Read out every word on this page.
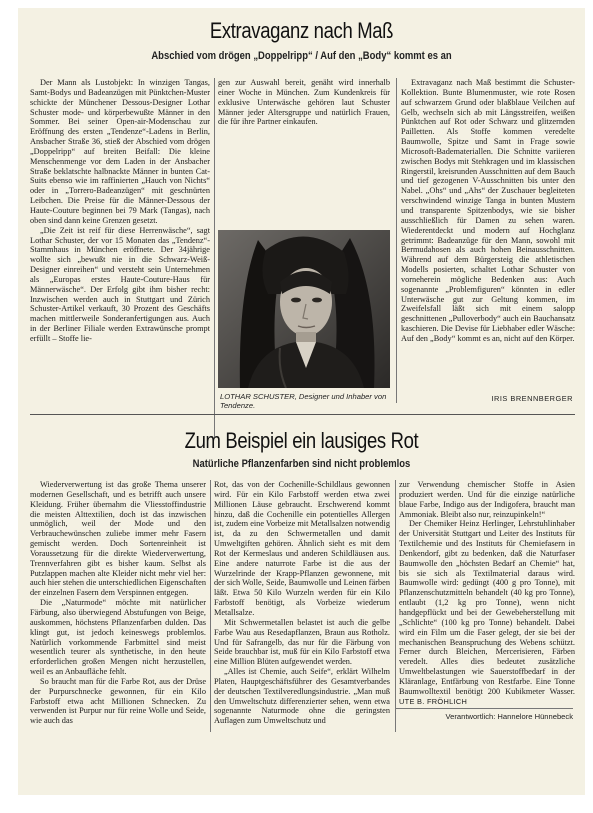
Extravaganz nach Maß
Abschied vom drögen „Doppelripp“ / Auf den „Body“ kommt es an

Der Mann als Lustobjekt: In winzigen Tangas, Samt-Bodys und Badeanzügen mit Pünktchen-Muster schickte der Münchener Dessous-Designer Lothar Schuster mode- und körperbewußte Männer in den Sommer. Bei seiner Open-air-Modenschau zur Eröffnung des ersten „Tendenze“-Ladens in Berlin, Ansbacher Straße 36, stieß der Abschied vom drögen „Doppelripp“ auf breiten Beifall: Die kleine Menschenmenge vor dem Laden in der Ansbacher Straße beklatschte halbnackte Männer in bunten Cat-Suits ebenso wie im raffinierten „Hauch von Nichts“ oder in „Torrero-Badeanzügen“ mit geschnürten Leibchen. Die Preise für die Männer-Dessous der Haute-Couture beginnen bei 79 Mark (Tangas), nach oben sind dann keine Grenzen gesetzt.

„Die Zeit ist reif für diese Herrenwäsche“, sagt Lothar Schuster, der vor 15 Monaten das „Tendenz“-Stammhaus in München eröffnete. Der 34jährige wollte sich „bewußt nie in die Schwarz-Weiß-Designer einreihen“ und versteht sein Unternehmen als „Europas erstes Haute-Couture-Haus für Männerwäsche“. Der Erfolg gibt ihm bisher recht: Inzwischen werden auch in Stuttgart und Zürich Schuster-Artikel verkauft, 30 Prozent des Geschäfts machen mittlerweile Sonderanfertigungen aus. Auch in der Berliner Filiale werden Extrawünsche prompt erfüllt – Stoffe lie-

gen zur Auswahl bereit, genäht wird innerhalb einer Woche in München. Zum Kundenkreis für exklusive Unterwäsche gehören laut Schuster Männer jeder Altersgruppe und natürlich Frauen, die für ihre Partner einkaufen.

LOTHAR SCHUSTER, Designer und Inhaber von Tendenze.

Extravaganz nach Maß bestimmt die Schuster-Kollektion. Bunte Blumenmuster, wie rote Rosen auf schwarzem Grund oder blaßblaue Veilchen auf Gelb, wechseln sich ab mit Längsstreifen, weißen Pünktchen auf Rot oder Schwarz und glitzernden Pailletten. Als Stoffe kommen veredelte Baumwolle, Spitze und Samt in Frage sowie Microsoft-Bademateriallen. Die Schnitte variieren zwischen Bodys mit Stehkragen und im klassischen Ringerstil, kreisrunden Ausschnitten auf dem Bauch und tief gezogenen V-Ausschnitten bis unter den Nabel. „Ohs“ und „Ahs“ der Zuschauer begleiteten verschwindend winzige Tanga in bunten Mustern und transparente Spitzenbodys, wie sie bisher ausschließlich für Damen zu sehen waren. Wiederentdeckt und modern auf Hochglanz getrimmt: Badeanzüge für den Mann, sowohl mit Bermudahosen als auch hohen Beinausschnitten. Während auf dem Bürgersteig die athletischen Modells posierten, schaltet Lothar Schuster von vorneherein mögliche Bedenken aus: Auch sogenannte „Problemfiguren“ könnten in edler Unterwäsche gut zur Geltung kommen, im Zweifelsfall läßt sich mit einem salopp geschnittenen „Pulloverbody“ auch ein Bauchansatz kaschieren. Die Devise für Liebhaber edler Wäsche: Auf den „Body“ kommt es an, nicht auf den Körper.

IRIS BRENNBERGER
Zum Beispiel ein lausiges Rot
Natürliche Pflanzenfarben sind nicht problemlos

Wiederverwertung ist das große Thema unserer modernen Gesellschaft, und es betrifft auch unsere Kleidung. Früher übernahm die Vliesstoffindustrie die meisten Alttextilien, doch ist das inzwischen unmöglich, weil der Mode und den Verbrauchewünschen zuliebe immer mehr Fasern gemischt werden. Doch Sortenreinheit ist Voraussetzung für die direkte Wiederverwertung, Trennverfahren gibt es bisher kaum. Selbst als Putzlappen machen alte Kleider nicht mehr viel her: auch hier stehen die unterschiedlichen Eigenschaften der einzelnen Fasern dem Verspinnen entgegen.

Die „Naturmode“ möchte mit natürlicher Färbung, also überwiegend Abstufungen von Beige, auskommen, höchstens Pflanzenfarben dulden. Das klingt gut, ist jedoch keineswegs problemlos. Natürlich vorkommende Farbmittel sind meist wesentlich teurer als synthetische, in den heute erforderlichen großen Mengen nicht herzustellen, weil es an Anbaufläche fehlt.

So braucht man für die Farbe Rot, aus der Drüse der Purpurschnecke gewonnen, für ein Kilo Farbstoff etwa acht Millionen Schnecken. Zu verwenden ist Purpur nur für reine Wolle und Seide, wie auch das

Rot, das von der Cochenille-Schildlaus gewonnen wird. Für ein Kilo Farbstoff werden etwa zwei Millionen Läuse gebraucht. Erschwerend kommt hinzu, daß die Cochenille ein potentielles Allergen ist, zudem eine Vorbeize mit Metallsalzen notwendig ist, da zu den Schwermetallen und damit Umweltgiften gehören. Ähnlich sieht es mit dem Rot der Kermeslaus und anderen Schildläusen aus. Eine andere naturrote Farbe ist die aus der Wurzelrinde der Krapp-Pflanzen gewonnene, mit der sich Wolle, Seide, Baumwolle und Leinen färben läßt. Etwa 50 Kilo Wurzeln werden für ein Kilo Farbstoff benötigt, als Vorbeize wiederum Metallsalze.

Mit Schwermetallen belastet ist auch die gelbe Farbe Wau aus Resedapflanzen, Braun aus Rotholz. Und für Safrangelb, das nur für die Färbung von Seide brauchbar ist, muß für ein Kilo Farbstoff etwa eine Million Blüten aufgewendet werden.

„Alles ist Chemie, auch Seife“, erklärt Wilhelm Platen, Hauptgeschäftsführer des Gesamtverbandes der deutschen Textilveredlungsindustrie. „Man muß den Umweltschutz differenzierter sehen, wenn etwa sogenannte Naturmode ohne die geringsten Auflagen zum Umweltschutz und

zur Verwendung chemischer Stoffe in Asien produziert werden. Und für die einzige natürliche blaue Farbe, Indigo aus der Indigofera, braucht man Ammoniak. Bleibt also nur, reinzupinkeln!“

Der Chemiker Heinz Herlinger, Lehrstuhlinhaber der Universität Stuttgart und Leiter des Instituts für Textilchemie und des Instituts für Chemiefasern in Denkendorf, gibt zu bedenken, daß die Naturfaser Baumwolle den „höchsten Bedarf an Chemie“ hat, bis sie sich als Textilmaterial daraus wird. Baumwolle wird: gedüngt (400 g pro Tonne), mit Pflanzenschutzmitteln behandelt (40 kg pro Tonne), entlaubt (1,2 kg pro Tonne), wenn nicht handgepflückt und bei der Gewebeherstellung mit „Schlichte“ (100 kg pro Tonne) behandelt. Dabei wird ein Film um die Faser gelegt, der sie bei der mechanischen Beanspruchung des Webens schützt. Ferner durch Bleichen, Mercerisieren, Färben veredelt. Alles dies bedeutet zusätzliche Umweltbelastungen wie Sauerstoffbedarf in der Kläranlage, Entfärbung von Restfarbe. Eine Tonne Baumwolltextil benötigt 200 Kubikmeter Wasser. UTE B. FRÖHLICH

Verantwortlich: Hannelore Hünnebeck
